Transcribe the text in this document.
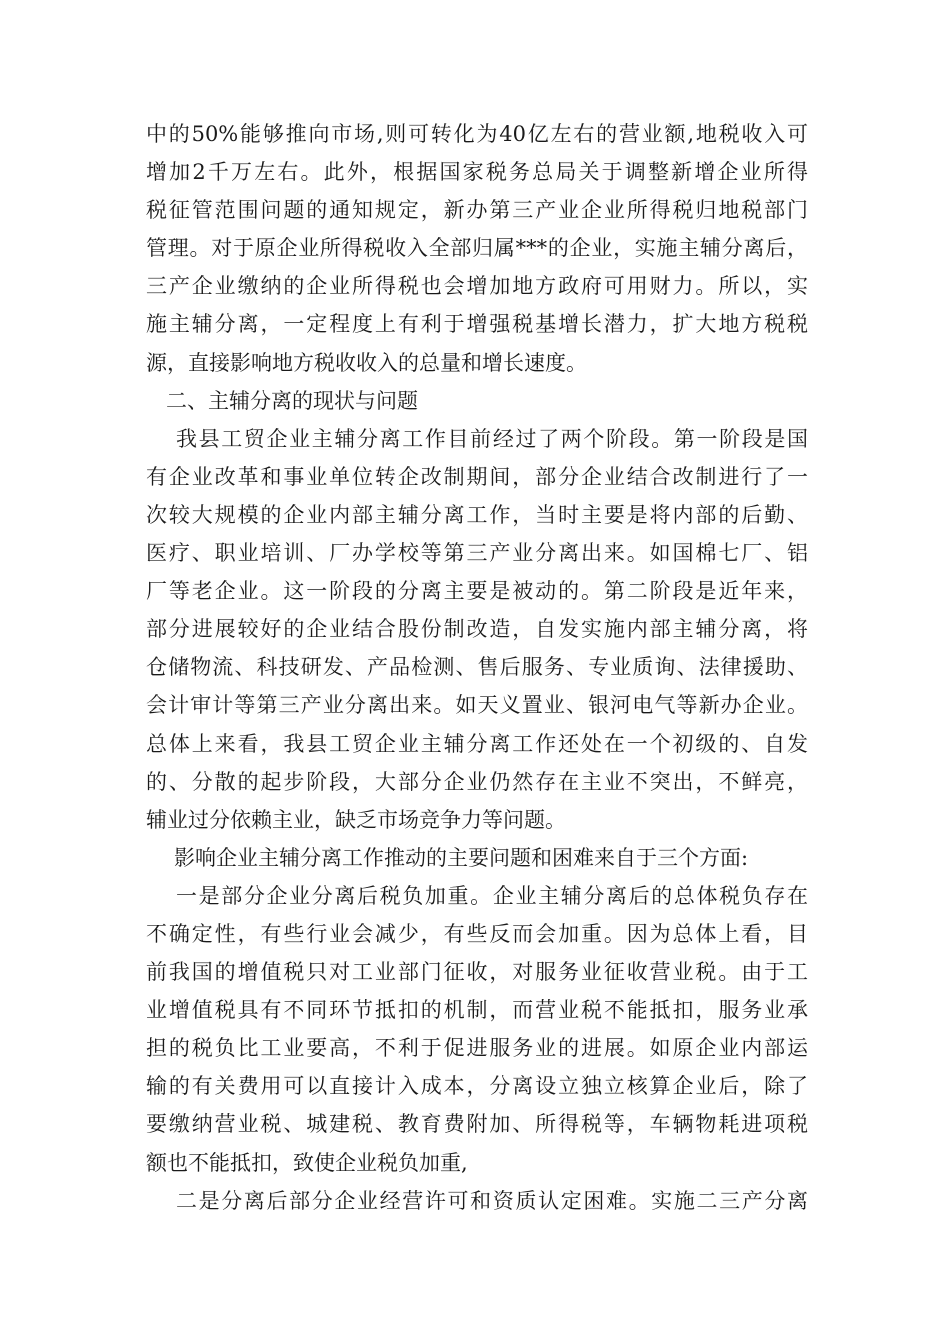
中的50%能够推向市场,则可转化为40亿左右的营业额,地税收入可
增加2千万左右。此外，根据国家税务总局关于调整新增企业所得
税征管范围问题的通知规定，新办第三产业企业所得税归地税部门
管理。对于原企业所得税收入全部归属***的企业，实施主辅分离后，
三产企业缴纳的企业所得税也会增加地方政府可用财力。所以，实
施主辅分离，一定程度上有利于增强税基增长潜力，扩大地方税税
源，直接影响地方税收收入的总量和增长速度。
二、主辅分离的现状与问题
我县工贸企业主辅分离工作目前经过了两个阶段。第一阶段是国
有企业改革和事业单位转企改制期间，部分企业结合改制进行了一
次较大规模的企业内部主辅分离工作，当时主要是将内部的后勤、
医疗、职业培训、厂办学校等第三产业分离出来。如国棉七厂、铝
厂等老企业。这一阶段的分离主要是被动的。第二阶段是近年来，
部分进展较好的企业结合股份制改造，自发实施内部主辅分离，将
仓储物流、科技研发、产品检测、售后服务、专业质询、法律援助、
会计审计等第三产业分离出来。如天义置业、银河电气等新办企业。
总体上来看，我县工贸企业主辅分离工作还处在一个初级的、自发
的、分散的起步阶段，大部分企业仍然存在主业不突出，不鲜亮，
辅业过分依赖主业，缺乏市场竞争力等问题。
影响企业主辅分离工作推动的主要问题和困难来自于三个方面:
一是部分企业分离后税负加重。企业主辅分离后的总体税负存在
不确定性，有些行业会减少，有些反而会加重。因为总体上看，目
前我国的增值税只对工业部门征收，对服务业征收营业税。由于工
业增值税具有不同环节抵扣的机制，而营业税不能抵扣，服务业承
担的税负比工业要高，不利于促进服务业的进展。如原企业内部运
输的有关费用可以直接计入成本，分离设立独立核算企业后，除了
要缴纳营业税、城建税、教育费附加、所得税等，车辆物耗进项税
额也不能抵扣，致使企业税负加重,
二是分离后部分企业经营许可和资质认定困难。实施二三产分离
